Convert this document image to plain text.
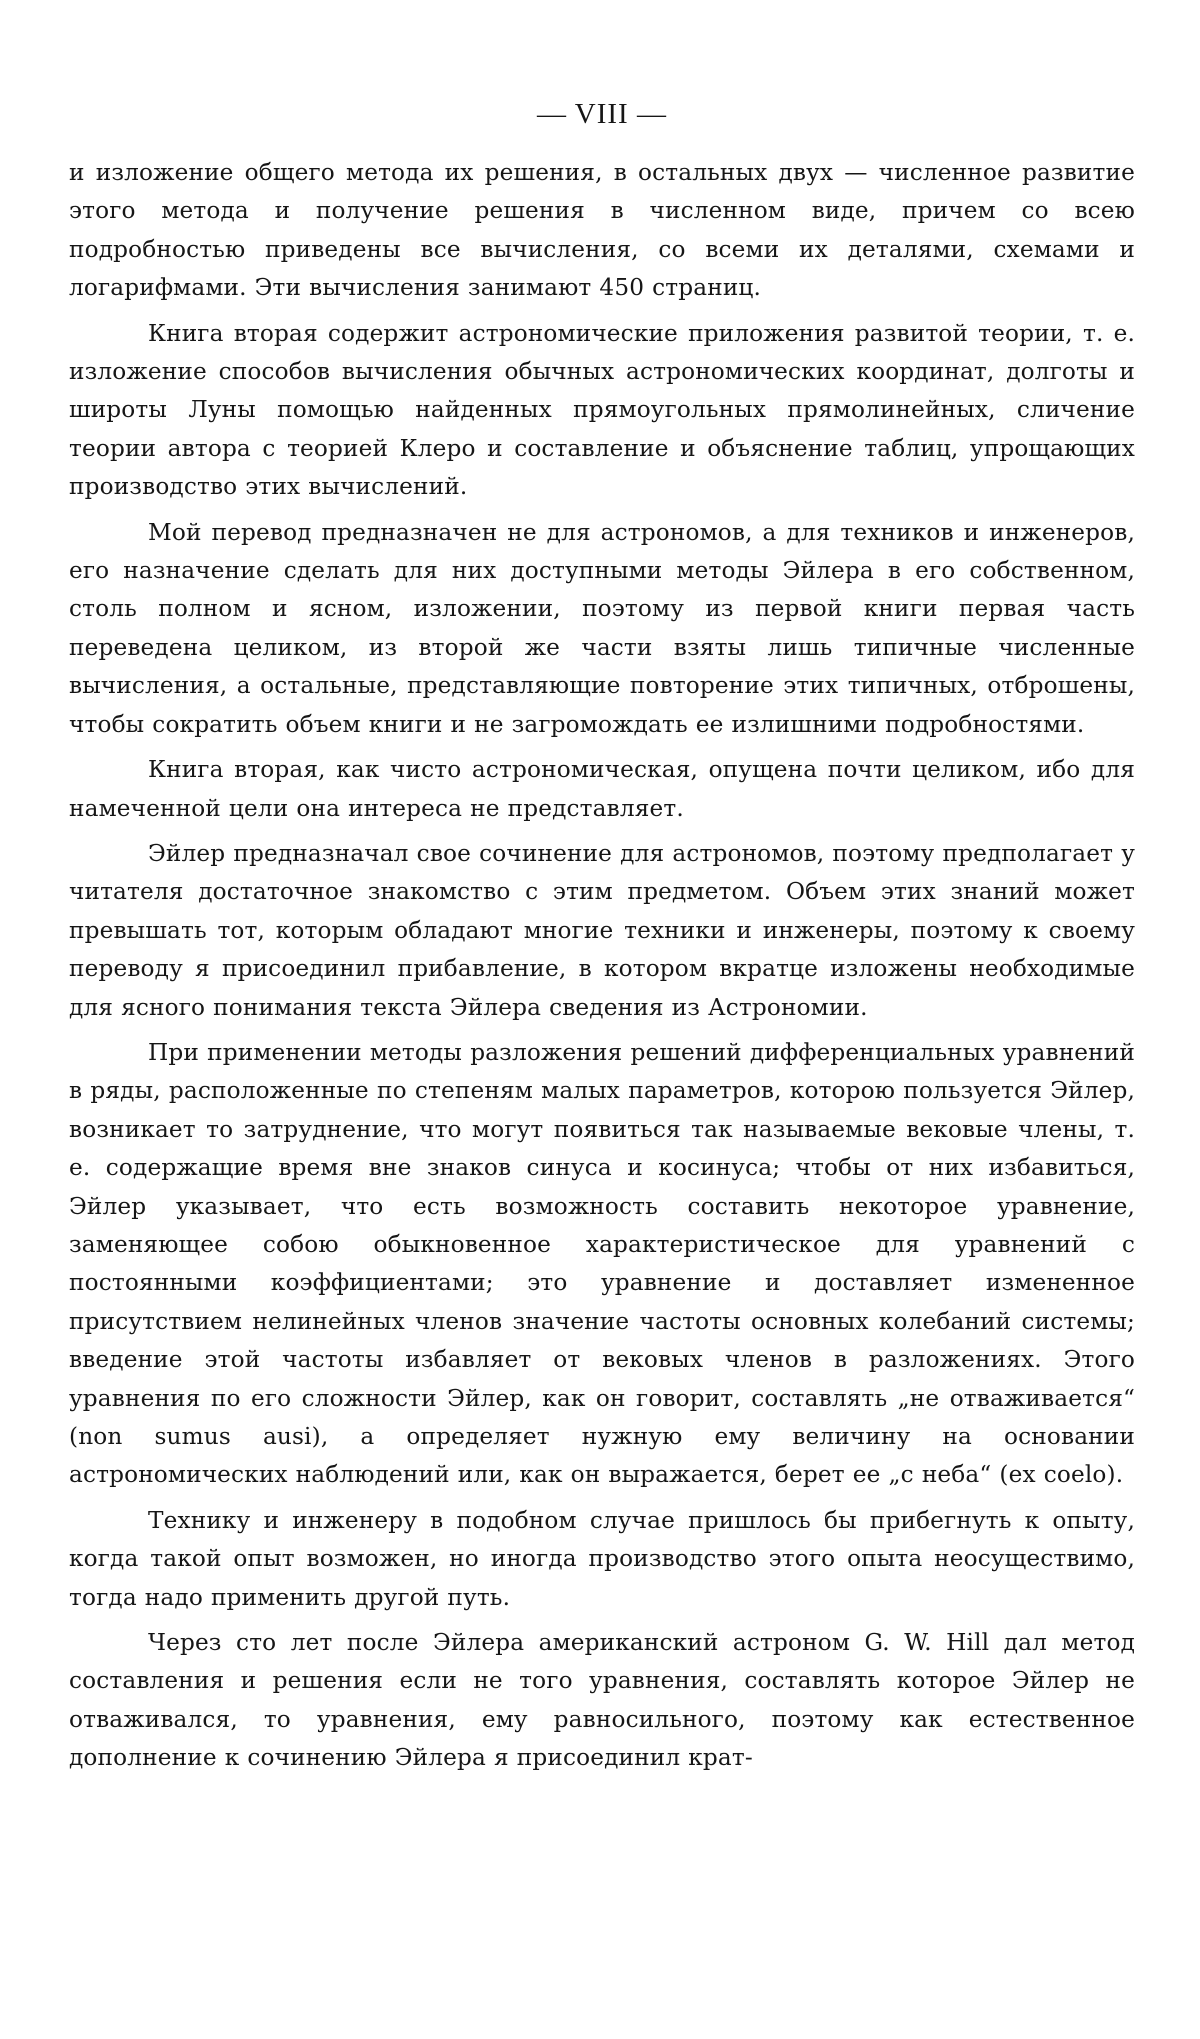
— VIII —

и изложение общего метода их решения, в остальных двух — численное развитие этого метода и получение решения в численном виде, причем со всею подробностью приведены все вычисления, со всеми их деталями, схемами и логарифмами. Эти вычисления занимают 450 страниц.

Книга вторая содержит астрономические приложения развитой теории, т. е. изложение способов вычисления обычных астрономических координат, долготы и широты Луны помощью найденных прямоугольных прямолинейных, сличение теории автора с теорией Клеро и составление и объяснение таблиц, упрощающих производство этих вычислений.

Мой перевод предназначен не для астрономов, а для техников и инженеров, его назначение сделать для них доступными методы Эйлера в его собственном, столь полном и ясном, изложении, поэтому из первой книги первая часть переведена целиком, из второй же части взяты лишь типичные численные вычисления, а остальные, представляющие повторение этих типичных, отброшены, чтобы сократить объем книги и не загромождать ее излишними подробностями.

Книга вторая, как чисто астрономическая, опущена почти целиком, ибо для намеченной цели она интереса не представляет.

Эйлер предназначал свое сочинение для астрономов, поэтому предполагает у читателя достаточное знакомство с этим предметом. Объем этих знаний может превышать тот, которым обладают многие техники и инженеры, поэтому к своему переводу я присоединил прибавление, в котором вкратце изложены необходимые для ясного понимания текста Эйлера сведения из Астрономии.

При применении методы разложения решений дифференциальных уравнений в ряды, расположенные по степеням малых параметров, которою пользуется Эйлер, возникает то затруднение, что могут появиться так называемые вековые члены, т. е. содержащие время вне знаков синуса и косинуса; чтобы от них избавиться, Эйлер указывает, что есть возможность составить некоторое уравнение, заменяющее собою обыкновенное характеристическое для уравнений с постоянными коэффициентами; это уравнение и доставляет измененное присутствием нелинейных членов значение частоты основных колебаний системы; введение этой частоты избавляет от вековых членов в разложениях. Этого уравнения по его сложности Эйлер, как он говорит, составлять „не отваживается“ (non sumus ausi), а определяет нужную ему величину на основании астрономических наблюдений или, как он выражается, берет ее „с неба“ (ex coelo).

Технику и инженеру в подобном случае пришлось бы прибегнуть к опыту, когда такой опыт возможен, но иногда производство этого опыта неосуществимо, тогда надо применить другой путь.

Через сто лет после Эйлера американский астроном G. W. Hill дал метод составления и решения если не того уравнения, составлять которое Эйлер не отваживался, то уравнения, ему равносильного, поэтому как естественное дополнение к сочинению Эйлера я присоединил крат-
